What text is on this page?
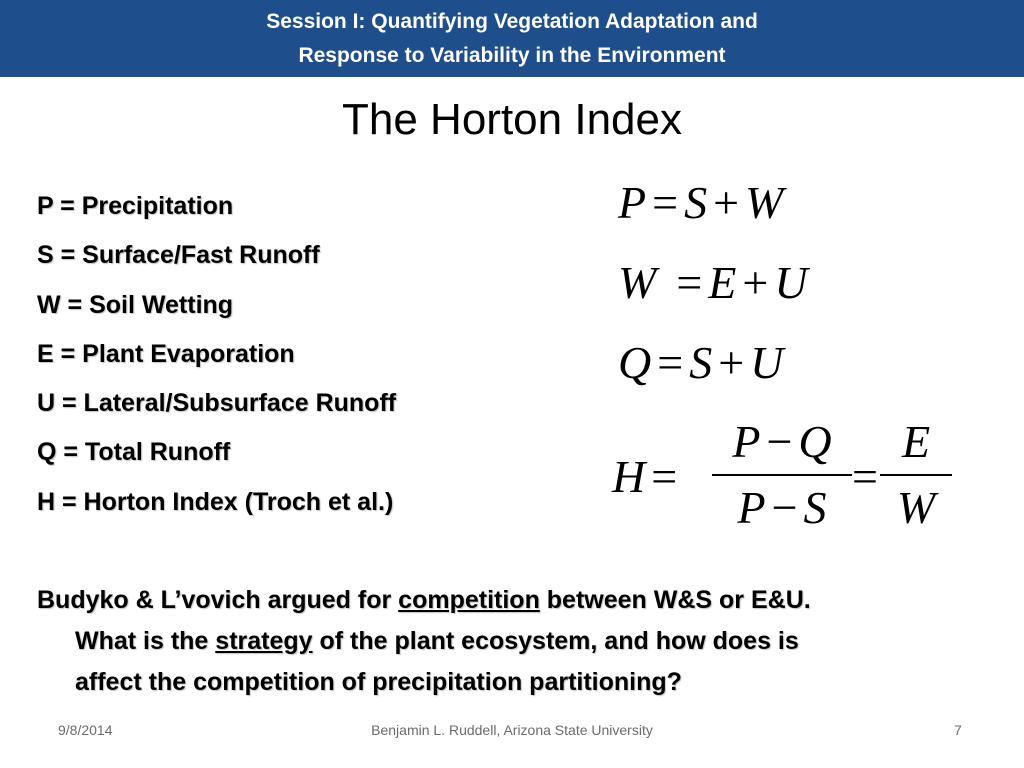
Session I: Quantifying Vegetation Adaptation and
Response to Variability in the Environment
The Horton Index
P = Precipitation
S = Surface/Fast Runoff
W = Soil Wetting
E = Plant Evaporation
U = Lateral/Subsurface Runoff
Q = Total Runoff
H = Horton Index (Troch et al.)
P = S + W
W = E + U
Q = S + U
H =
P − Q
P − S
=
E
W
Budyko & L’vovich argued for competition between W&S or E&U.
What is the strategy of the plant ecosystem, and how does is
affect the competition of precipitation partitioning?
9/8/2014	Benjamin L. Ruddell, Arizona State University	7
